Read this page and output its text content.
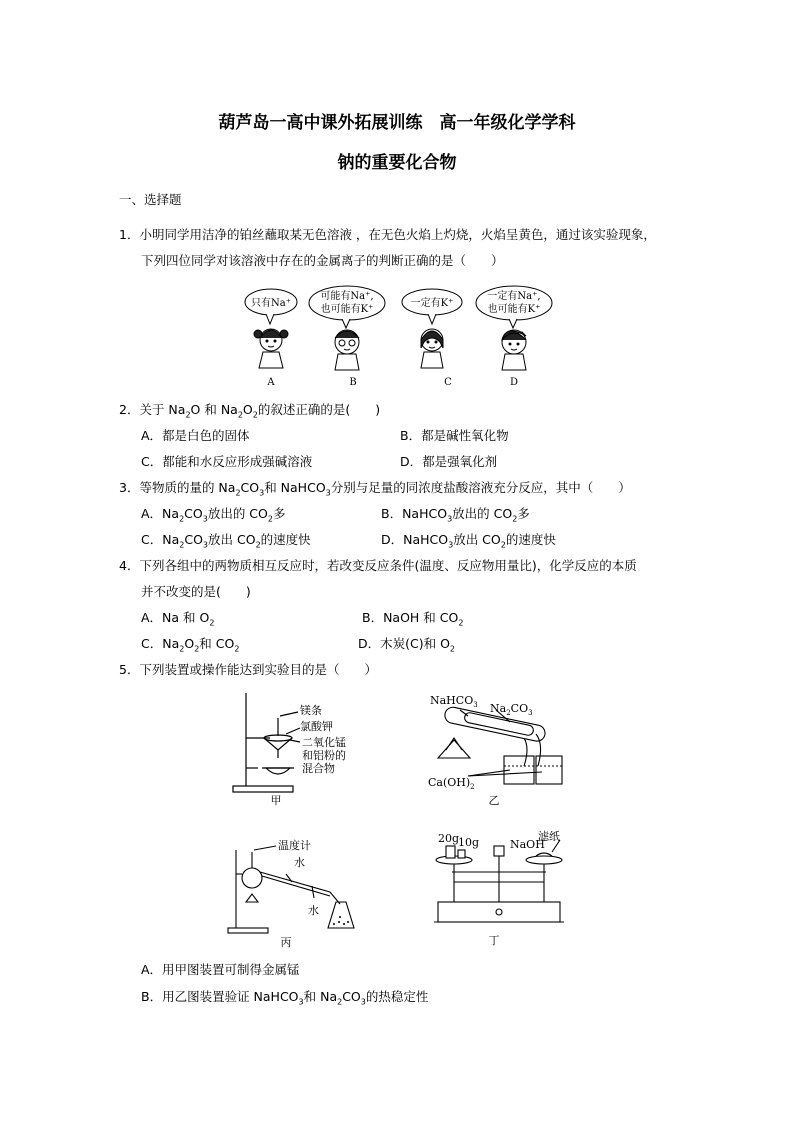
葫芦岛一高中课外拓展训练　高一年级化学学科
钠的重要化合物
一、选择题
1．小明同学用洁净的铂丝蘸取某无色溶液 ，在无色火焰上灼烧，火焰呈黄色，通过该实验现象，
下列四位同学对该溶液中存在的金属离子的判断正确的是（　　）
只有Na⁺
可能有Na⁺,
也可能有K⁺
一定有K⁺
一定有Na⁺,
也可能有K⁺
A	B	C	D
2．关于 $Na_2O$ 和 $Na_2O_2$的叙述正确的是(　　)
A．都是白色的固体	B．都是碱性氧化物
C．都能和水反应形成强碱溶液	D．都是强氧化剂
3．等物质的量的 $Na_2CO_3$和 NaHCO$_3$分别与足量的同浓度盐酸溶液充分反应，其中（　　）
A．$Na_2CO_3$放出的 $CO_2$多	B．NaHCO$_3$放出的 $CO_2$多
C．$Na_2CO_3$放出 $CO_2$的速度快	D．NaHCO$_3$放出 $CO_2$的速度快
4．下列各组中的两物质相互反应时，若改变反应条件(温度、反应物用量比)，化学反应的本质
并不改变的是(　　)
A．Na 和 $O_2$	B．NaOH 和 $CO_2$
C．$Na_2O_2$和 $CO_2$	D．木炭(C)和 $O_2$
5．下列装置或操作能达到实验目的是（　　）
镁条
氯酸钾
二氧化锰
和铝粉的
混合物
甲
NaHCO$_3$ $Na_2CO_3$
$Ca(OH)_2$
乙
温度计
水
水
丙
20g
10g	NaOH
滤纸
丁
A．用甲图装置可制得金属锰
B．用乙图装置验证 NaHCO$_3$和 $Na_2CO_3$的热稳定性
